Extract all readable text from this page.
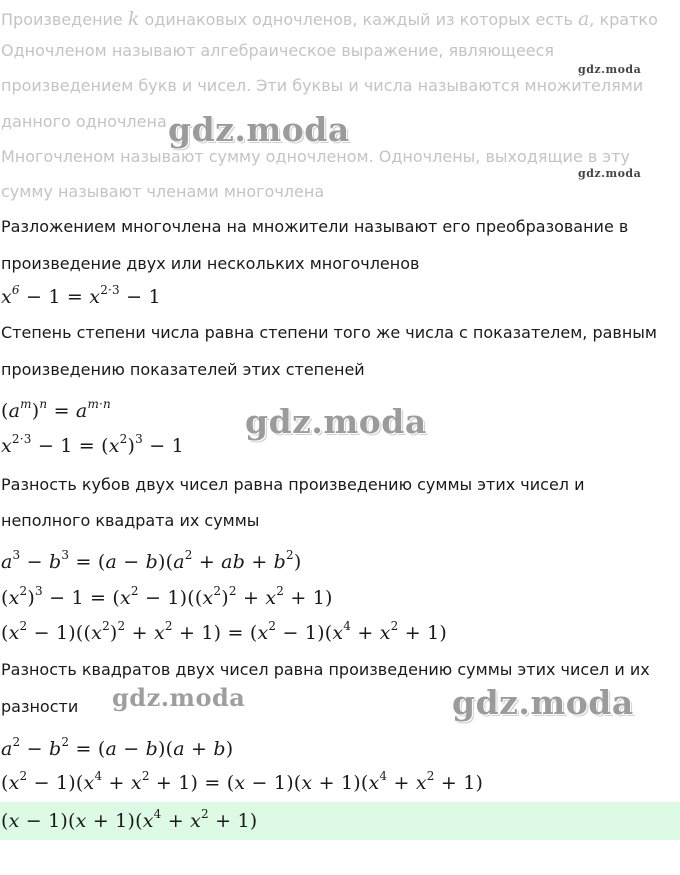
Произведение k одинаковых одночленов, каждый из которых есть a, кратко
Одночленом называют алгебраическое выражение, являющееся
произведением букв и чисел. Эти буквы и числа называются множителями
данного одночлена
Многочленом называют сумму одночленом. Одночлены, выходящие в эту
сумму называют членами многочлена
Разложением многочлена на множители называют его преобразование в
произведение двух или нескольких многочленов
$x^6 - 1 = x^{2\cdot 3} - 1$
Степень степени числа равна степени того же числа с показателем, равным
произведению показателей этих степеней
$(a^m)^n = a^{m\cdot n}$
$x^{2\cdot 3} - 1 = (x^2)^3 - 1$
Разность кубов двух чисел равна произведению суммы этих чисел и
неполного квадрата их суммы
$a^3 - b^3 = (a - b)(a^2$ + ab + $b^2$)
$(x^2)^3 - 1 = (x^2 - 1)((x^2)^2 + x^2 + 1)$
$(x^2 - 1)((x^2)^2 + x^2 + 1) = (x^2 - 1)(x^4 + x^2 + 1)$
Разность квадратов двух чисел равна произведению суммы этих чисел и их
разности
$a^2 - b^2 = (a - b)(a + b)$
$(x^2 - 1)(x^4 + x^2 + 1) = (x - 1)(x + 1)(x^4 + x^2 + 1)$
$(x - 1)(x + 1)(x^4 + x^2 + 1)$
gdz.moda
gdz.moda
gdz.moda
gdz.moda
gdz.moda	gdz.moda
